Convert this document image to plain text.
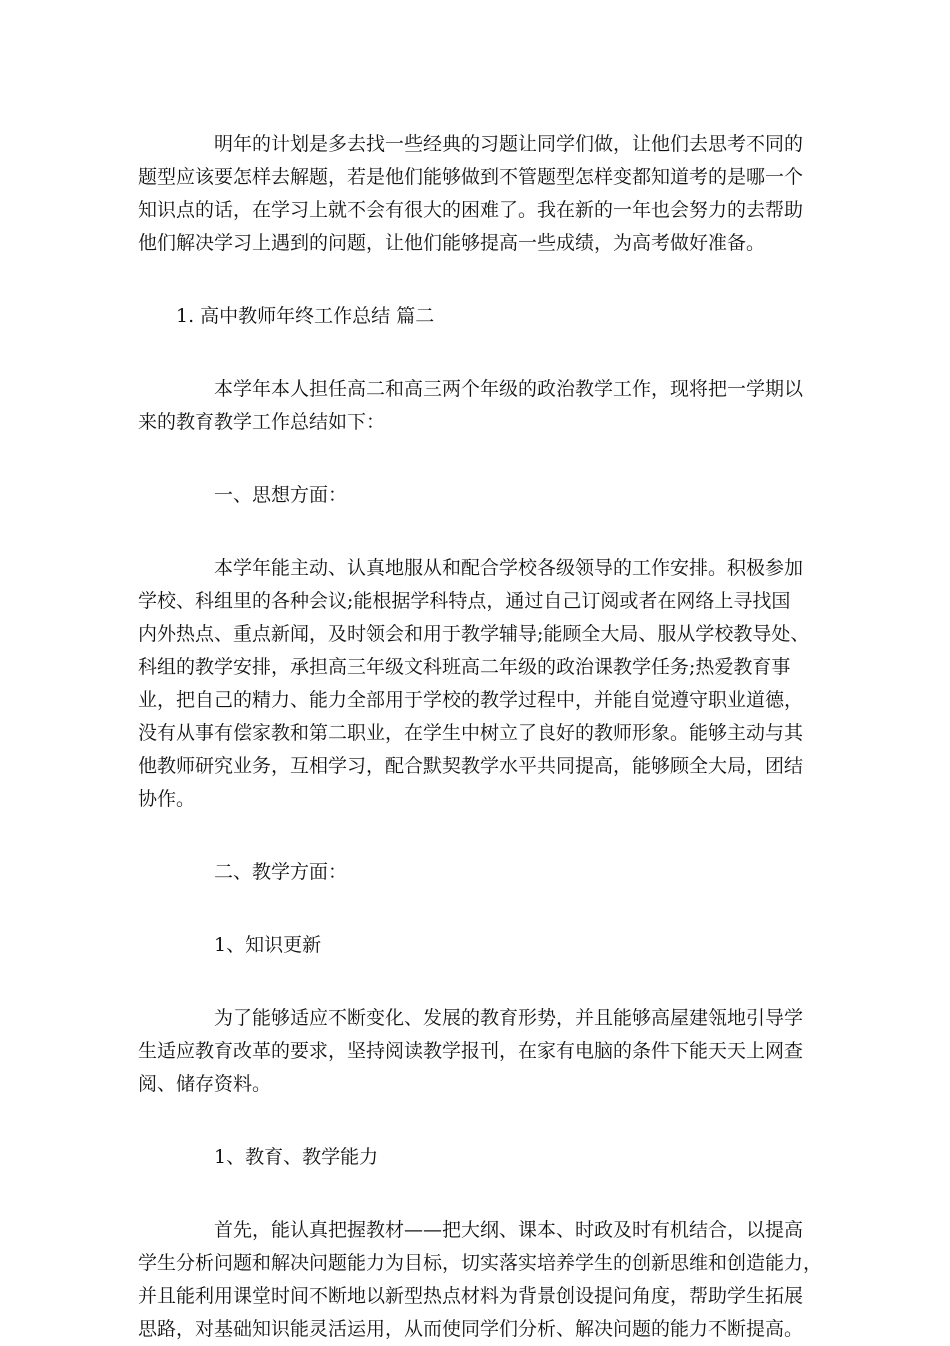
明年的计划是多去找一些经典的习题让同学们做，让他们去思考不同的
题型应该要怎样去解题，若是他们能够做到不管题型怎样变都知道考的是哪一个
知识点的话，在学习上就不会有很大的困难了。我在新的一年也会努力的去帮助
他们解决学习上遇到的问题，让他们能够提高一些成绩，为高考做好准备。

1. 高中教师年终工作总结 篇二

本学年本人担任高二和高三两个年级的政治教学工作，现将把一学期以
来的教育教学工作总结如下：

一、思想方面：

本学年能主动、认真地服从和配合学校各级领导的工作安排。积极参加
学校、科组里的各种会议;能根据学科特点，通过自己订阅或者在网络上寻找国
内外热点、重点新闻，及时领会和用于教学辅导;能顾全大局、服从学校教导处、
科组的教学安排，承担高三年级文科班高二年级的政治课教学任务;热爱教育事
业，把自己的精力、能力全部用于学校的教学过程中，并能自觉遵守职业道德，
没有从事有偿家教和第二职业，在学生中树立了良好的教师形象。能够主动与其
他教师研究业务，互相学习，配合默契教学水平共同提高，能够顾全大局，团结
协作。

二、教学方面：

1、知识更新

为了能够适应不断变化、发展的教育形势，并且能够高屋建瓴地引导学
生适应教育改革的要求，坚持阅读教学报刊，在家有电脑的条件下能天天上网查
阅、储存资料。

1、教育、教学能力

首先，能认真把握教材——把大纲、课本、时政及时有机结合，以提高
学生分析问题和解决问题能力为目标，切实落实培养学生的创新思维和创造能力，
并且能利用课堂时间不断地以新型热点材料为背景创设提问角度，帮助学生拓展
思路，对基础知识能灵活运用，从而使同学们分析、解决问题的能力不断提高。
